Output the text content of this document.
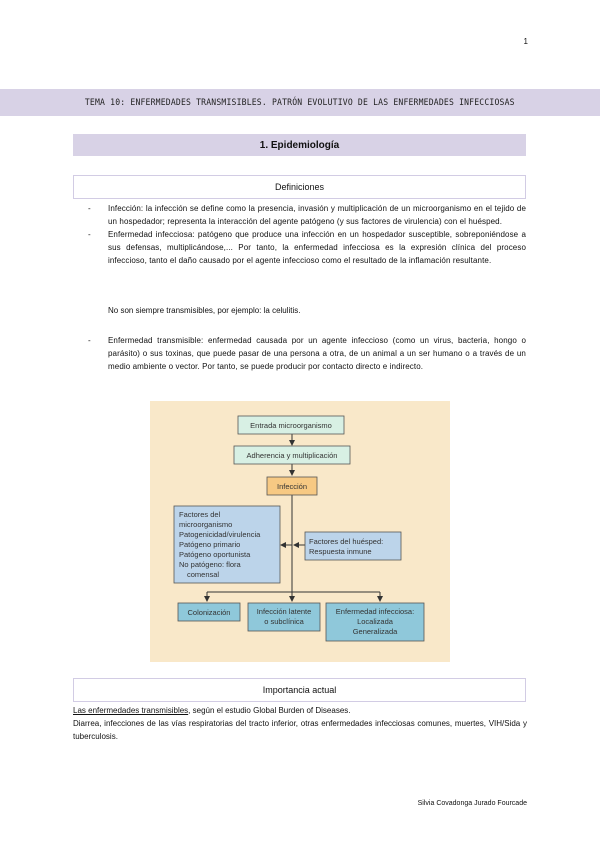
1
TEMA 10: ENFERMEDADES TRANSMISIBLES. PATRÓN EVOLUTIVO DE LAS ENFERMEDADES INFECCIOSAS
1. Epidemiología
Definiciones
- Infección: la infección se define como la presencia, invasión y multiplicación de un microorganismo en el tejido de un hospedador; representa la interacción del agente patógeno (y sus factores de virulencia) con el huésped.
- Enfermedad infecciosa: patógeno que produce una infección en un hospedador susceptible, sobreponiéndose a sus defensas, multiplicándose,... Por tanto, la enfermedad infecciosa es la expresión clínica del proceso infeccioso, tanto el daño causado por el agente infeccioso como el resultado de la inflamación resultante.
No son siempre transmisibles, por ejemplo: la celulitis.
- Enfermedad transmisible: enfermedad causada por un agente infeccioso (como un virus, bacteria, hongo o parásito) o sus toxinas, que puede pasar de una persona a otra, de un animal a un ser humano o a través de un medio ambiente o vector. Por tanto, se puede producir por contacto directo e indirecto.
Entrada microorganismo
Adherencia y multiplicación
Infección
Factores del
microorganismo
Patogenicidad/virulencia
Patógeno primario
Patógeno oportunista
No patógeno: flora
comensal
Factores del huésped:
Respuesta inmune
Colonización	Infección latente
o subclínica
Enfermedad infecciosa:
Localizada
Generalizada
Importancia actual
Las enfermedades transmisibles, según el estudio Global Burden of Diseases.
Diarrea, infecciones de las vías respiratorias del tracto inferior, otras enfermedades infecciosas comunes, muertes, VIH/Sida y tuberculosis.
Silvia Covadonga Jurado Fourcade
